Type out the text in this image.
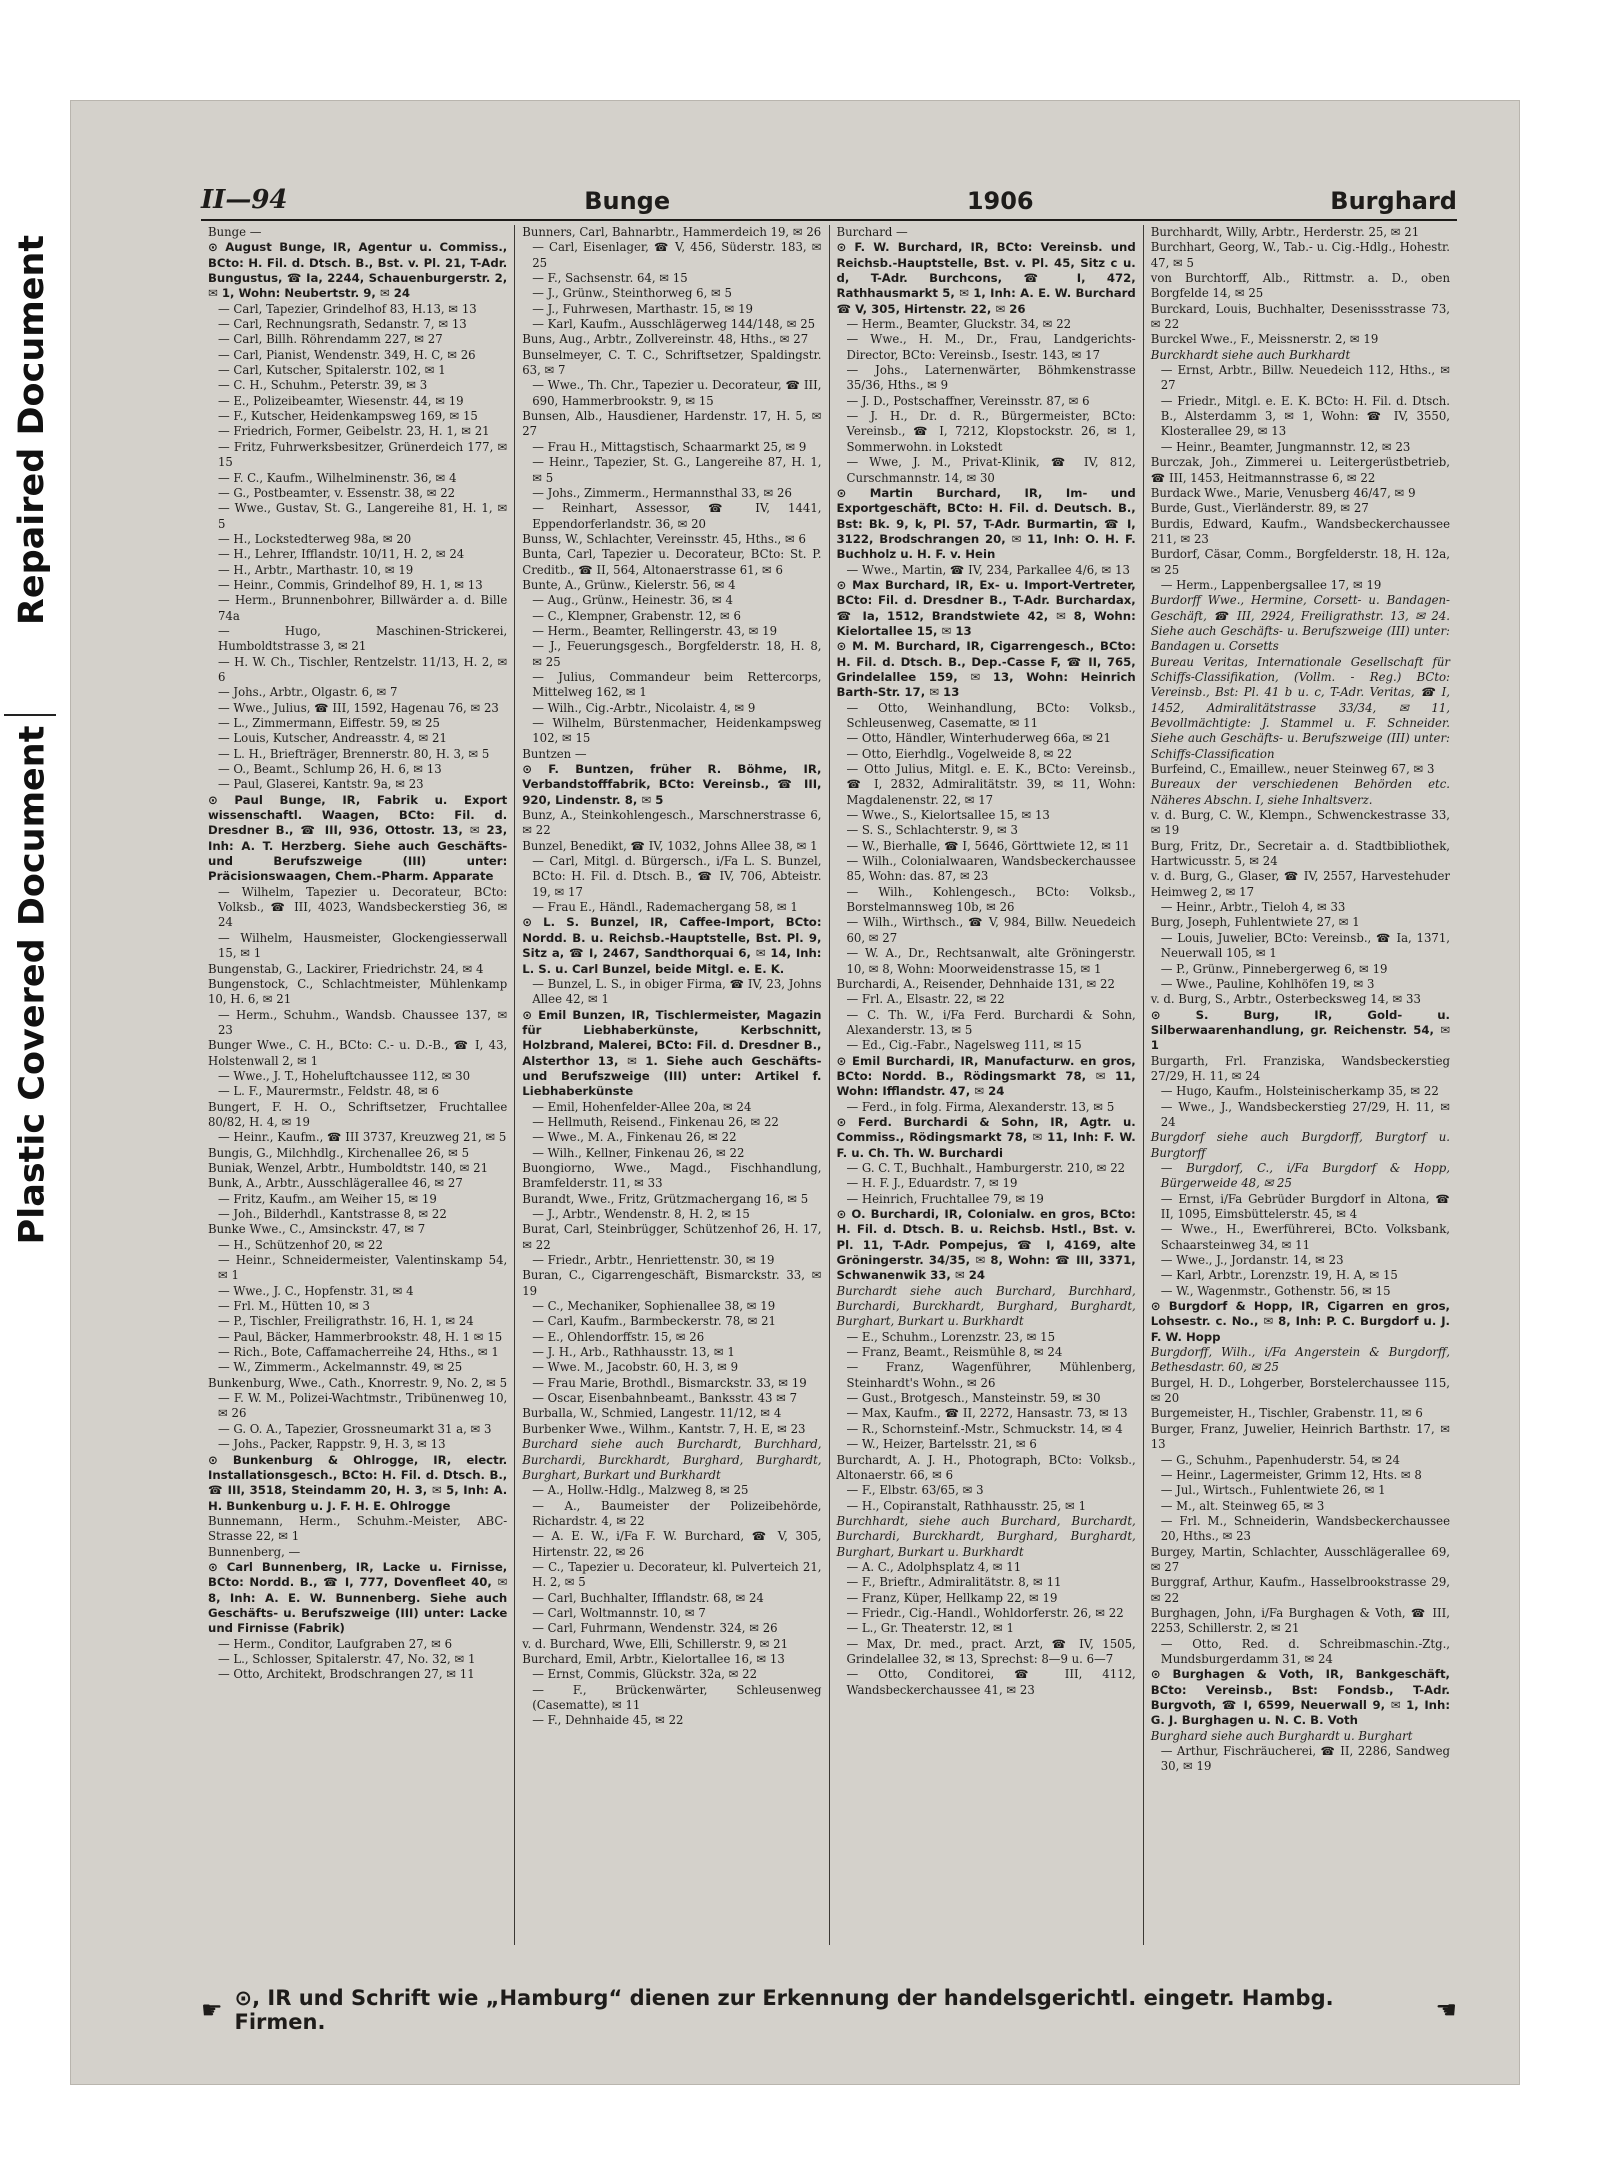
Repaired Document
Plastic Covered Document
II—94	Bunge	1906	Burghard

Bunge —

⊙ August Bunge, IR, Agentur u. Commiss., BCto: H. Fil. d. Dtsch. B., Bst. v. Pl. 21, T-Adr. Bungustus, ☎ Ia, 2244, Schauenburgerstr. 2, ✉ 1, Wohn: Neubertstr. 9, ✉ 24

— Carl, Tapezier, Grindelhof 83, H.13, ✉ 13

— Carl, Rechnungsrath, Sedanstr. 7, ✉ 13

— Carl, Billh. Röhrendamm 227, ✉ 27

— Carl, Pianist, Wendenstr. 349, H. C, ✉ 26

— Carl, Kutscher, Spitalerstr. 102, ✉ 1

— C. H., Schuhm., Peterstr. 39, ✉ 3

— E., Polizeibeamter, Wiesenstr. 44, ✉ 19

— F., Kutscher, Heidenkampsweg 169, ✉ 15

— Friedrich, Former, Geibelstr. 23, H. 1, ✉ 21

— Fritz, Fuhrwerksbesitzer, Grünerdeich 177, ✉ 15

— F. C., Kaufm., Wilhelminenstr. 36, ✉ 4

— G., Postbeamter, v. Essenstr. 38, ✉ 22

— Wwe., Gustav, St. G., Langereihe 81, H. 1, ✉ 5

— H., Lockstedterweg 98a, ✉ 20

— H., Lehrer, Ifflandstr. 10/11, H. 2, ✉ 24

— H., Arbtr., Marthastr. 10, ✉ 19

— Heinr., Commis, Grindelhof 89, H. 1, ✉ 13

— Herm., Brunnenbohrer, Billwärder a. d. Bille 74a

— Hugo, Maschinen-Strickerei, Humboldtstrasse 3, ✉ 21

— H. W. Ch., Tischler, Rentzelstr. 11/13, H. 2, ✉ 6

— Johs., Arbtr., Olgastr. 6, ✉ 7

— Wwe., Julius, ☎ III, 1592, Hagenau 76, ✉ 23

— L., Zimmermann, Eiffestr. 59, ✉ 25

— Louis, Kutscher, Andreasstr. 4, ✉ 21

— L. H., Briefträger, Brennerstr. 80, H. 3, ✉ 5

— O., Beamt., Schlump 26, H. 6, ✉ 13

— Paul, Glaserei, Kantstr. 9a, ✉ 23

⊙ Paul Bunge, IR, Fabrik u. Export wissenschaftl. Waagen, BCto: Fil. d. Dresdner B., ☎ III, 936, Ottostr. 13, ✉ 23, Inh: A. T. Herzberg. Siehe auch Geschäfts- und Berufszweige (III) unter: Präcisionswaagen, Chem.-Pharm. Apparate

— Wilhelm, Tapezier u. Decorateur, BCto: Volksb., ☎ III, 4023, Wandsbeckerstieg 36, ✉ 24

— Wilhelm, Hausmeister, Glockengiesserwall 15, ✉ 1

Bungenstab, G., Lackirer, Friedrichstr. 24, ✉ 4

Bungenstock, C., Schlachtmeister, Mühlenkamp 10, H. 6, ✉ 21

— Herm., Schuhm., Wandsb. Chaussee 137, ✉ 23

Bunger Wwe., C. H., BCto: C.- u. D.-B., ☎ I, 43, Holstenwall 2, ✉ 1

— Wwe., J. T., Hoheluftchaussee 112, ✉ 30

— L. F., Maurermstr., Feldstr. 48, ✉ 6

Bungert, F. H. O., Schriftsetzer, Fruchtallee 80/82, H. 4, ✉ 19

— Heinr., Kaufm., ☎ III 3737, Kreuzweg 21, ✉ 5

Bungis, G., Milchhdlg., Kirchenallee 26, ✉ 5

Buniak, Wenzel, Arbtr., Humboldtstr. 140, ✉ 21

Bunk, A., Arbtr., Ausschlägerallee 46, ✉ 27

— Fritz, Kaufm., am Weiher 15, ✉ 19

— Joh., Bilderhdl., Kantstrasse 8, ✉ 22

Bunke Wwe., C., Amsinckstr. 47, ✉ 7

— H., Schützenhof 20, ✉ 22

— Heinr., Schneidermeister, Valentinskamp 54, ✉ 1

— Wwe., J. C., Hopfenstr. 31, ✉ 4

— Frl. M., Hütten 10, ✉ 3

— P., Tischler, Freiligrathstr. 16, H. 1, ✉ 24

— Paul, Bäcker, Hammerbrookstr. 48, H. 1 ✉ 15

— Rich., Bote, Caffamacherreihe 24, Hths., ✉ 1

— W., Zimmerm., Ackelmannstr. 49, ✉ 25

Bunkenburg, Wwe., Cath., Knorrestr. 9, No. 2, ✉ 5

— F. W. M., Polizei-Wachtmstr., Tribünenweg 10, ✉ 26

— G. O. A., Tapezier, Grossneumarkt 31 a, ✉ 3

— Johs., Packer, Rappstr. 9, H. 3, ✉ 13

⊙ Bunkenburg & Ohlrogge, IR, electr. Installationsgesch., BCto: H. Fil. d. Dtsch. B., ☎ III, 3518, Steindamm 20, H. 3, ✉ 5, Inh: A. H. Bunkenburg u. J. F. H. E. Ohlrogge

Bunnemann, Herm., Schuhm.-Meister, ABC-Strasse 22, ✉ 1

Bunnenberg, —

⊙ Carl Bunnenberg, IR, Lacke u. Firnisse, BCto: Nordd. B., ☎ I, 777, Dovenfleet 40, ✉ 8, Inh: A. E. W. Bunnenberg. Siehe auch Geschäfts- u. Berufszweige (III) unter: Lacke und Firnisse (Fabrik)

— Herm., Conditor, Laufgraben 27, ✉ 6

— L., Schlosser, Spitalerstr. 47, No. 32, ✉ 1

— Otto, Architekt, Brodschrangen 27, ✉ 11

Bunners, Carl, Bahnarbtr., Hammerdeich 19, ✉ 26

— Carl, Eisenlager, ☎ V, 456, Süderstr. 183, ✉ 25

— F., Sachsenstr. 64, ✉ 15

— J., Grünw., Steinthorweg 6, ✉ 5

— J., Fuhrwesen, Marthastr. 15, ✉ 19

— Karl, Kaufm., Ausschlägerweg 144/148, ✉ 25

Buns, Aug., Arbtr., Zollvereinstr. 48, Hths., ✉ 27

Bunselmeyer, C. T. C., Schriftsetzer, Spaldingstr. 63, ✉ 7

— Wwe., Th. Chr., Tapezier u. Decorateur, ☎ III, 690, Hammerbrookstr. 9, ✉ 15

Bunsen, Alb., Hausdiener, Hardenstr. 17, H. 5, ✉ 27

— Frau H., Mittagstisch, Schaarmarkt 25, ✉ 9

— Heinr., Tapezier, St. G., Langereihe 87, H. 1, ✉ 5

— Johs., Zimmerm., Hermannsthal 33, ✉ 26

— Reinhart, Assessor, ☎ IV, 1441, Eppendorferlandstr. 36, ✉ 20

Bunss, W., Schlachter, Vereinsstr. 45, Hths., ✉ 6

Bunta, Carl, Tapezier u. Decorateur, BCto: St. P. Creditb., ☎ II, 564, Altonaerstrasse 61, ✉ 6

Bunte, A., Grünw., Kielerstr. 56, ✉ 4

— Aug., Grünw., Heinestr. 36, ✉ 4

— C., Klempner, Grabenstr. 12, ✉ 6

— Herm., Beamter, Rellingerstr. 43, ✉ 19

— J., Feuerungsgesch., Borgfelderstr. 18, H. 8, ✉ 25

— Julius, Commandeur beim Rettercorps, Mittelweg 162, ✉ 1

— Wilh., Cig.-Arbtr., Nicolaistr. 4, ✉ 9

— Wilhelm, Bürstenmacher, Heidenkampsweg 102, ✉ 15

Buntzen —

⊙ F. Buntzen, früher R. Böhme, IR, Verbandstofffabrik, BCto: Vereinsb., ☎ III, 920, Lindenstr. 8, ✉ 5

Bunz, A., Steinkohlengesch., Marschnerstrasse 6, ✉ 22

Bunzel, Benedikt, ☎ IV, 1032, Johns Allee 38, ✉ 1

— Carl, Mitgl. d. Bürgersch., i/Fa L. S. Bunzel, BCto: H. Fil. d. Dtsch. B., ☎ IV, 706, Abteistr. 19, ✉ 17

— Frau E., Händl., Rademachergang 58, ✉ 1

⊙ L. S. Bunzel, IR, Caffee-Import, BCto: Nordd. B. u. Reichsb.-Hauptstelle, Bst. Pl. 9, Sitz a, ☎ I, 2467, Sandthorquai 6, ✉ 14, Inh: L. S. u. Carl Bunzel, beide Mitgl. e. E. K.

— Bunzel, L. S., in obiger Firma, ☎ IV, 23, Johns Allee 42, ✉ 1

⊙ Emil Bunzen, IR, Tischlermeister, Magazin für Liebhaberkünste, Kerbschnitt, Holzbrand, Malerei, BCto: Fil. d. Dresdner B., Alsterthor 13, ✉ 1. Siehe auch Geschäfts- und Berufszweige (III) unter: Artikel f. Liebhaberkünste

— Emil, Hohenfelder-Allee 20a, ✉ 24

— Hellmuth, Reisend., Finkenau 26, ✉ 22

— Wwe., M. A., Finkenau 26, ✉ 22

— Wilh., Kellner, Finkenau 26, ✉ 22

Buongiorno, Wwe., Magd., Fischhandlung, Bramfelderstr. 11, ✉ 33

Burandt, Wwe., Fritz, Grützmachergang 16, ✉ 5

— J., Arbtr., Wendenstr. 8, H. 2, ✉ 15

Burat, Carl, Steinbrügger, Schützenhof 26, H. 17, ✉ 22

— Friedr., Arbtr., Henriettenstr. 30, ✉ 19

Buran, C., Cigarrengeschäft, Bismarckstr. 33, ✉ 19

— C., Mechaniker, Sophienallee 38, ✉ 19

— Carl, Kaufm., Barmbeckerstr. 78, ✉ 21

— E., Ohlendorffstr. 15, ✉ 26

— J. H., Arb., Rathhausstr. 13, ✉ 1

— Wwe. M., Jacobstr. 60, H. 3, ✉ 9

— Frau Marie, Brothdl., Bismarckstr. 33, ✉ 19

— Oscar, Eisenbahnbeamt., Banksstr. 43 ✉ 7

Burballa, W., Schmied, Langestr. 11/12, ✉ 4

Burbenker Wwe., Wilhm., Kantstr. 7, H. E, ✉ 23

Burchard siehe auch Burchardt, Burchhard, Burchardi, Burckhardt, Burghard, Burghardt, Burghart, Burkart und Burkhardt

— A., Hollw.-Hdlg., Malzweg 8, ✉ 25

— A., Baumeister der Polizeibehörde, Richardstr. 4, ✉ 22

— A. E. W., i/Fa F. W. Burchard, ☎ V, 305, Hirtenstr. 22, ✉ 26

— C., Tapezier u. Decorateur, kl. Pulverteich 21, H. 2, ✉ 5

— Carl, Buchhalter, Ifflandstr. 68, ✉ 24

— Carl, Woltmannstr. 10, ✉ 7

— Carl, Fuhrmann, Wendenstr. 324, ✉ 26

v. d. Burchard, Wwe, Elli, Schillerstr. 9, ✉ 21

Burchard, Emil, Arbtr., Kielortallee 16, ✉ 13

— Ernst, Commis, Glückstr. 32a, ✉ 22

— F., Brückenwärter, Schleusenweg (Casematte), ✉ 11

— F., Dehnhaide 45, ✉ 22

Burchard —

⊙ F. W. Burchard, IR, BCto: Vereinsb. und Reichsb.-Hauptstelle, Bst. v. Pl. 45, Sitz c u. d, T-Adr. Burchcons, ☎ I, 472, Rathhausmarkt 5, ✉ 1, Inh: A. E. W. Burchard ☎ V, 305, Hirtenstr. 22, ✉ 26

— Herm., Beamter, Gluckstr. 34, ✉ 22

— Wwe., H. M., Dr., Frau, Landgerichts-Director, BCto: Vereinsb., Isestr. 143, ✉ 17

— Johs., Laternenwärter, Böhmkenstrasse 35/36, Hths., ✉ 9

— J. D., Postschaffner, Vereinsstr. 87, ✉ 6

— J. H., Dr. d. R., Bürgermeister, BCto: Vereinsb., ☎ I, 7212, Klopstockstr. 26, ✉ 1, Sommerwohn. in Lokstedt

— Wwe, J. M., Privat-Klinik, ☎ IV, 812, Curschmannstr. 14, ✉ 30

⊙ Martin Burchard, IR, Im- und Exportgeschäft, BCto: H. Fil. d. Deutsch. B., Bst: Bk. 9, k, Pl. 57, T-Adr. Burmartin, ☎ I, 3122, Brodschrangen 20, ✉ 11, Inh: O. H. F. Buchholz u. H. F. v. Hein

— Wwe., Martin, ☎ IV, 234, Parkallee 4/6, ✉ 13

⊙ Max Burchard, IR, Ex- u. Import-Vertreter, BCto: Fil. d. Dresdner B., T-Adr. Burchardax, ☎ Ia, 1512, Brandstwiete 42, ✉ 8, Wohn: Kielortallee 15, ✉ 13

⊙ M. M. Burchard, IR, Cigarrengesch., BCto: H. Fil. d. Dtsch. B., Dep.-Casse F, ☎ II, 765, Grindelallee 159, ✉ 13, Wohn: Heinrich Barth-Str. 17, ✉ 13

— Otto, Weinhandlung, BCto: Volksb., Schleusenweg, Casematte, ✉ 11

— Otto, Händler, Winterhuderweg 66a, ✉ 21

— Otto, Eierhdlg., Vogelweide 8, ✉ 22

— Otto Julius, Mitgl. e. E. K., BCto: Vereinsb., ☎ I, 2832, Admiralitätstr. 39, ✉ 11, Wohn: Magdalenenstr. 22, ✉ 17

— Wwe., S., Kielortsallee 15, ✉ 13

— S. S., Schlachterstr. 9, ✉ 3

— W., Bierhalle, ☎ I, 5646, Görttwiete 12, ✉ 11

— Wilh., Colonialwaaren, Wandsbeckerchaussee 85, Wohn: das. 87, ✉ 23

— Wilh., Kohlengesch., BCto: Volksb., Borstelmannsweg 10b, ✉ 26

— Wilh., Wirthsch., ☎ V, 984, Billw. Neuedeich 60, ✉ 27

— W. A., Dr., Rechtsanwalt, alte Gröningerstr. 10, ✉ 8, Wohn: Moorweidenstrasse 15, ✉ 1

Burchardi, A., Reisender, Dehnhaide 131, ✉ 22

— Frl. A., Elsastr. 22, ✉ 22

— C. Th. W., i/Fa Ferd. Burchardi & Sohn, Alexanderstr. 13, ✉ 5

— Ed., Cig.-Fabr., Nagelsweg 111, ✉ 15

⊙ Emil Burchardi, IR, Manufacturw. en gros, BCto: Nordd. B., Rödingsmarkt 78, ✉ 11, Wohn: Ifflandstr. 47, ✉ 24

— Ferd., in folg. Firma, Alexanderstr. 13, ✉ 5

⊙ Ferd. Burchardi & Sohn, IR, Agtr. u. Commiss., Rödingsmarkt 78, ✉ 11, Inh: F. W. F. u. Ch. Th. W. Burchardi

— G. C. T., Buchhalt., Hamburgerstr. 210, ✉ 22

— H. F. J., Eduardstr. 7, ✉ 19

— Heinrich, Fruchtallee 79, ✉ 19

⊙ O. Burchardi, IR, Colonialw. en gros, BCto: H. Fil. d. Dtsch. B. u. Reichsb. Hstl., Bst. v. Pl. 11, T-Adr. Pompejus, ☎ I, 4169, alte Gröningerstr. 34/35, ✉ 8, Wohn: ☎ III, 3371, Schwanenwik 33, ✉ 24

Burchardt siehe auch Burchard, Burchhard, Burchardi, Burckhardt, Burghard, Burghardt, Burghart, Burkart u. Burkhardt

— E., Schuhm., Lorenzstr. 23, ✉ 15

— Franz, Beamt., Reismühle 8, ✉ 24

— Franz, Wagenführer, Mühlenberg, Steinhardt's Wohn., ✉ 26

— Gust., Brotgesch., Mansteinstr. 59, ✉ 30

— Max, Kaufm., ☎ II, 2272, Hansastr. 73, ✉ 13

— R., Schornsteinf.-Mstr., Schmuckstr. 14, ✉ 4

— W., Heizer, Bartelsstr. 21, ✉ 6

Burchardt, A. J. H., Photograph, BCto: Volksb., Altonaerstr. 66, ✉ 6

— F., Elbstr. 63/65, ✉ 3

— H., Copiranstalt, Rathhausstr. 25, ✉ 1

Burchhardt, siehe auch Burchard, Burchardt, Burchardi, Burckhardt, Burghard, Burghardt, Burghart, Burkart u. Burkhardt

— A. C., Adolphsplatz 4, ✉ 11

— F., Brieftr., Admiralitätstr. 8, ✉ 11

— Franz, Küper, Hellkamp 22, ✉ 19

— Friedr., Cig.-Handl., Wohldorferstr. 26, ✉ 22

— L., Gr. Theaterstr. 12, ✉ 1

— Max, Dr. med., pract. Arzt, ☎ IV, 1505, Grindelallee 32, ✉ 13, Sprechst: 8—9 u. 6—7

— Otto, Conditorei, ☎ III, 4112, Wandsbeckerchaussee 41, ✉ 23

Burchhardt, Willy, Arbtr., Herderstr. 25, ✉ 21

Burchhart, Georg, W., Tab.- u. Cig.-Hdlg., Hohestr. 47, ✉ 5

von Burchtorff, Alb., Rittmstr. a. D., oben Borgfelde 14, ✉ 25

Burckard, Louis, Buchhalter, Desenissstrasse 73, ✉ 22

Burckel Wwe., F., Meissnerstr. 2, ✉ 19

Burckhardt siehe auch Burkhardt

— Ernst, Arbtr., Billw. Neuedeich 112, Hths., ✉ 27

— Friedr., Mitgl. e. E. K. BCto: H. Fil. d. Dtsch. B., Alsterdamm 3, ✉ 1, Wohn: ☎ IV, 3550, Klosterallee 29, ✉ 13

— Heinr., Beamter, Jungmannstr. 12, ✉ 23

Burczak, Joh., Zimmerei u. Leitergerüstbetrieb, ☎ III, 1453, Heitmannstrasse 6, ✉ 22

Burdack Wwe., Marie, Venusberg 46/47, ✉ 9

Burde, Gust., Vierländerstr. 89, ✉ 27

Burdis, Edward, Kaufm., Wandsbeckerchaussee 211, ✉ 23

Burdorf, Cäsar, Comm., Borgfelderstr. 18, H. 12a, ✉ 25

— Herm., Lappenbergsallee 17, ✉ 19

Burdorff Wwe., Hermine, Corsett- u. Bandagen-Geschäft, ☎ III, 2924, Freiligrathstr. 13, ✉ 24. Siehe auch Geschäfts- u. Berufszweige (III) unter: Bandagen u. Corsetts

Bureau Veritas, Internationale Gesellschaft für Schiffs-Classifikation, (Vollm. - Reg.) BCto: Vereinsb., Bst: Pl. 41 b u. c, T-Adr. Veritas, ☎ I, 1452, Admiralitätstrasse 33/34, ✉ 11, Bevollmächtigte: J. Stammel u. F. Schneider. Siehe auch Geschäfts- u. Berufszweige (III) unter: Schiffs-Classification

Burfeind, C., Emaillew., neuer Steinweg 67, ✉ 3

Bureaux der verschiedenen Behörden etc. Näheres Abschn. I, siehe Inhaltsverz.

v. d. Burg, C. W., Klempn., Schwenckestrasse 33, ✉ 19

Burg, Fritz, Dr., Secretair a. d. Stadtbibliothek, Hartwicusstr. 5, ✉ 24

v. d. Burg, G., Glaser, ☎ IV, 2557, Harvestehuder Heimweg 2, ✉ 17

— Heinr., Arbtr., Tieloh 4, ✉ 33

Burg, Joseph, Fuhlentwiete 27, ✉ 1

— Louis, Juwelier, BCto: Vereinsb., ☎ Ia, 1371, Neuerwall 105, ✉ 1

— P., Grünw., Pinnebergerweg 6, ✉ 19

— Wwe., Pauline, Kohlhöfen 19, ✉ 3

v. d. Burg, S., Arbtr., Osterbecksweg 14, ✉ 33

⊙ S. Burg, IR, Gold- u. Silberwaarenhandlung, gr. Reichenstr. 54, ✉ 1

Burgarth, Frl. Franziska, Wandsbeckerstieg 27/29, H. 11, ✉ 24

— Hugo, Kaufm., Holsteinischerkamp 35, ✉ 22

— Wwe., J., Wandsbeckerstieg 27/29, H. 11, ✉ 24

Burgdorf siehe auch Burgdorff, Burgtorf u. Burgtorff

— Burgdorf, C., i/Fa Burgdorf & Hopp, Bürgerweide 48, ✉ 25

— Ernst, i/Fa Gebrüder Burgdorf in Altona, ☎ II, 1095, Eimsbüttelerstr. 45, ✉ 4

— Wwe., H., Ewerführerei, BCto. Volksbank, Schaarsteinweg 34, ✉ 11

— Wwe., J., Jordanstr. 14, ✉ 23

— Karl, Arbtr., Lorenzstr. 19, H. A, ✉ 15

— W., Wagenmstr., Gothenstr. 56, ✉ 15

⊙ Burgdorf & Hopp, IR, Cigarren en gros, Lohsestr. c. No., ✉ 8, Inh: P. C. Burgdorf u. J. F. W. Hopp

Burgdorff, Wilh., i/Fa Angerstein & Burgdorff, Bethesdastr. 60, ✉ 25

Burgel, H. D., Lohgerber, Borstelerchaussee 115, ✉ 20

Burgemeister, H., Tischler, Grabenstr. 11, ✉ 6

Burger, Franz, Juwelier, Heinrich Barthstr. 17, ✉ 13

— G., Schuhm., Papenhuderstr. 54, ✉ 24

— Heinr., Lagermeister, Grimm 12, Hts. ✉ 8

— Jul., Wirtsch., Fuhlentwiete 26, ✉ 1

— M., alt. Steinweg 65, ✉ 3

— Frl. M., Schneiderin, Wandsbeckerchaussee 20, Hths., ✉ 23

Burgey, Martin, Schlachter, Ausschlägerallee 69, ✉ 27

Burggraf, Arthur, Kaufm., Hasselbrookstrasse 29, ✉ 22

Burghagen, John, i/Fa Burghagen & Voth, ☎ III, 2253, Schillerstr. 2, ✉ 21

— Otto, Red. d. Schreibmaschin.-Ztg., Mundsburgerdamm 31, ✉ 24

⊙ Burghagen & Voth, IR, Bankgeschäft, BCto: Vereinsb., Bst: Fondsb., T-Adr. Burgvoth, ☎ I, 6599, Neuerwall 9, ✉ 1, Inh: G. J. Burghagen u. N. C. B. Voth

Burghard siehe auch Burghardt u. Burghart

— Arthur, Fischräucherei, ☎ II, 2286, Sandweg 30, ✉ 19

☛ ⊙, IR und Schrift wie „Hamburg“ dienen zur Erkennung der handelsgerichtl. eingetr. Hambg. Firmen.	☚
